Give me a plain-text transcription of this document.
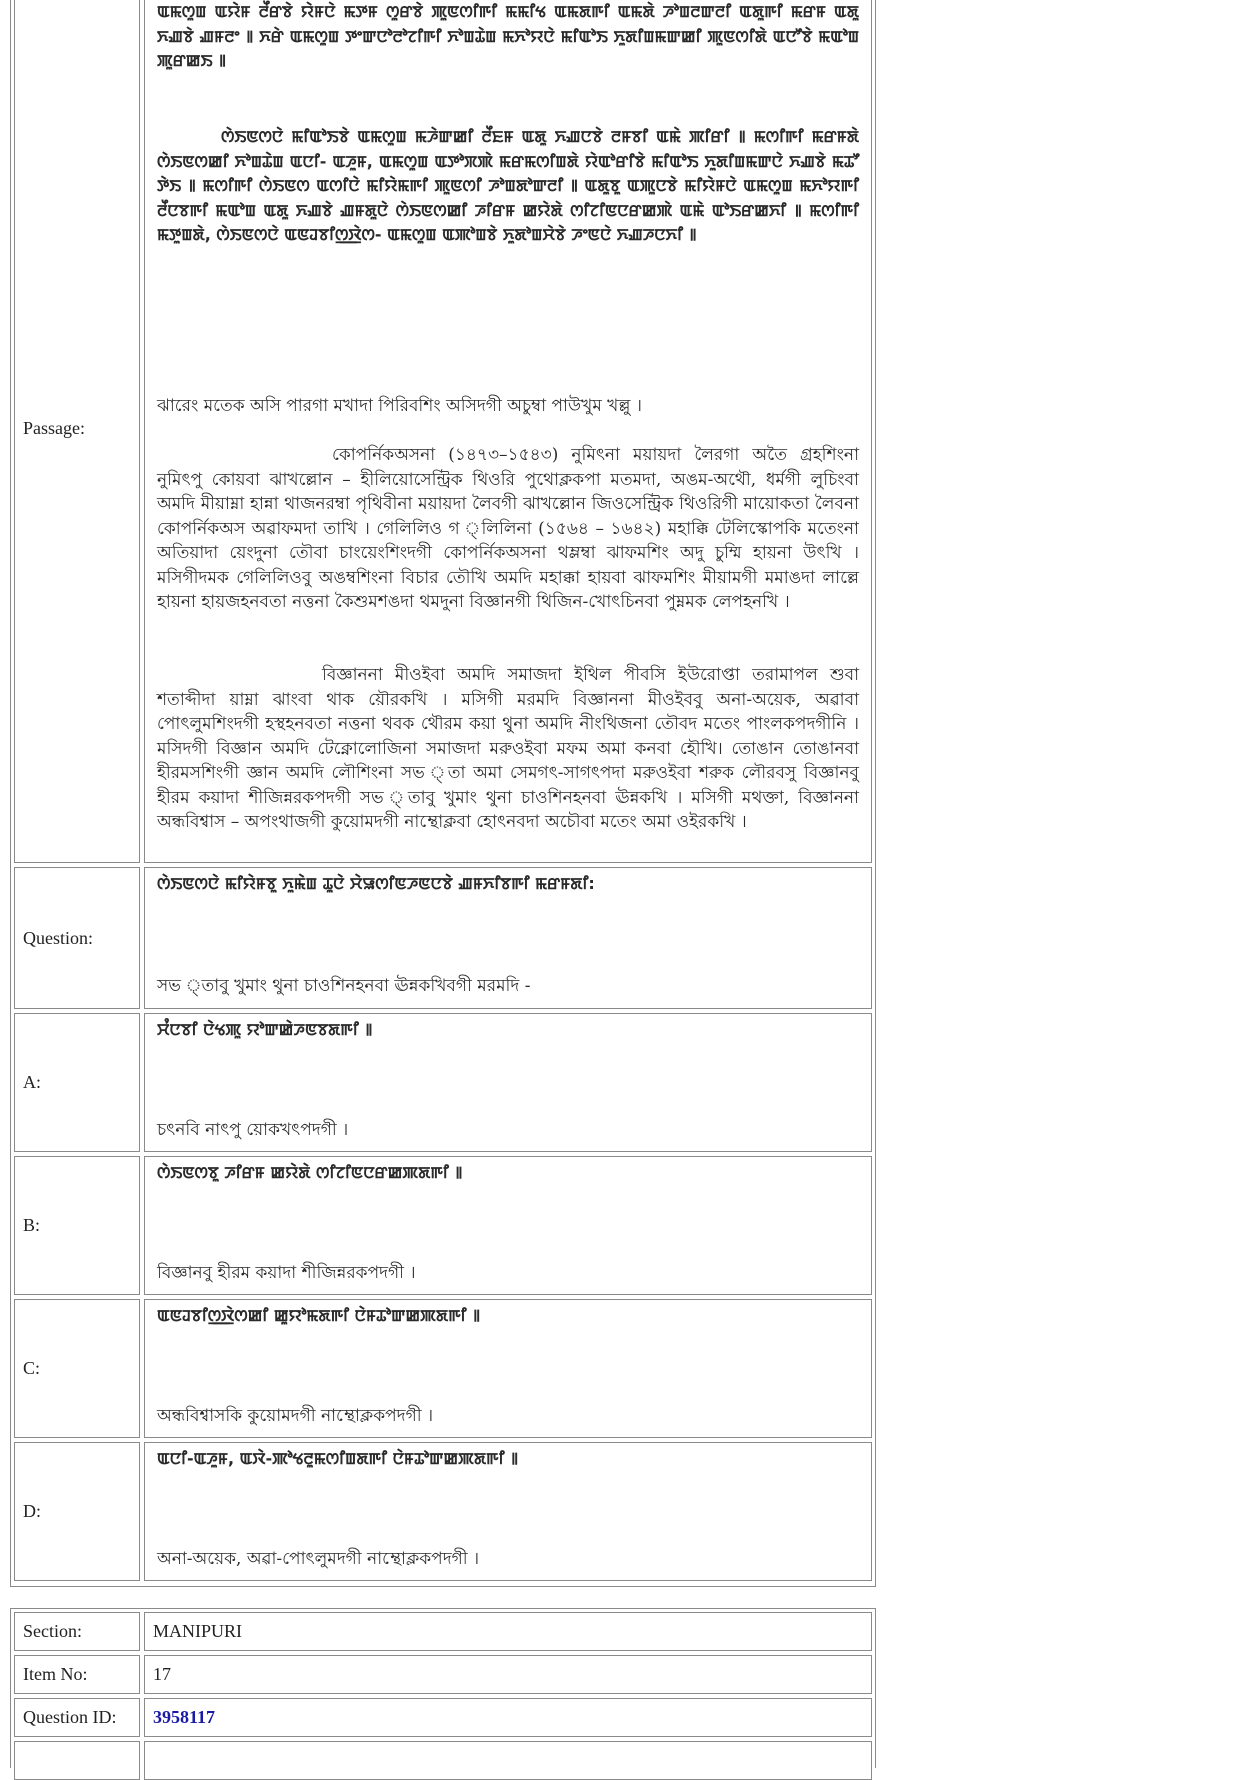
Passage:

ꯑꯃꯁꯨꯡ ꯑꯌꯥꯝ ꯂꯩꯔꯕꯥ ꯌꯥꯝꯅꯥ ꯃꯇꯝ ꯁꯨꯔꯕꯥ ꯄꯨꯟꯁꯤꯒꯤ ꯃꯃꯤꯠ ꯑꯃꯗꯒꯤ ꯑꯃꯗꯥ ꯍꯣꯡꯂꯛꯂꯤ ꯑꯗꯨꯒꯤ ꯃꯔꯝ ꯑꯗꯨ ꯈꯉꯕꯥ ꯉꯝꯂꯦ ꯫ ꯈꯔꯥ ꯑꯃꯁꯨꯡ ꯇꯦꯛꯅꯣꯂꯣꯖꯤꯒꯤ ꯈꯣꯡꯊꯥꯡ ꯃꯈꯣꯌꯅꯥ ꯃꯤꯑꯣꯏ ꯈꯨꯗꯤꯡꯃꯛꯀꯤ ꯄꯨꯟꯁꯤꯗꯥ ꯑꯅꯧꯕꯥ ꯃꯑꯣꯡ ꯄꯨꯔꯀꯏ ꯫

ꯁꯥꯏꯟꯁꯅꯥ ꯃꯤꯑꯣꯏꯕꯥ ꯑꯃꯁꯨꯡ ꯃꯍꯥꯛꯀꯤ ꯂꯩꯐꯝ ꯑꯗꯨ ꯈꯉꯅꯕꯥ ꯂꯝꯕꯤ ꯑꯃꯥ ꯄꯤꯔꯤ ꯫ ꯃꯁꯤꯒꯤ ꯃꯔꯝꯗꯥ ꯁꯥꯏꯟꯁꯀꯤ ꯈꯣꯡꯊꯥꯡ ꯑꯅꯤ- ꯑꯍꯨꯝ, ꯑꯃꯁꯨꯡ ꯑꯇꯣꯞꯄꯥ ꯃꯔꯃꯁꯤꯡꯗꯥ ꯌꯥꯑꯣꯔꯤꯕꯥ ꯃꯤꯑꯣꯏ ꯈꯨꯗꯤꯡꯃꯛꯅꯥ ꯈꯉꯕꯥ ꯃꯊꯧ ꯇꯥꯏ ꯫ ꯃꯁꯤꯒꯤ ꯁꯥꯏꯟꯁ ꯑꯁꯤꯅꯥ ꯃꯤꯌꯥꯃꯒꯤ ꯄꯨꯟꯁꯤ ꯍꯣꯡꯗꯣꯛꯂꯤ ꯫ ꯑꯗꯨꯕꯨ ꯑꯄꯨꯅꯕꯥ ꯃꯤꯌꯥꯝꯅꯥ ꯑꯃꯁꯨꯡ ꯃꯈꯣꯌꯒꯤ ꯂꯩꯅꯕꯒꯤ ꯃꯑꯣꯡ ꯑꯗꯨ ꯈꯉꯕꯥ ꯉꯝꯗꯨꯅꯥ ꯁꯥꯏꯟꯁꯀꯤ ꯍꯤꯔꯝ ꯀꯌꯥꯗꯥ ꯁꯤꯖꯤꯟꯅꯔꯀꯄꯥ ꯑꯃꯥ ꯑꯣꯏꯔꯀꯈꯤ ꯫ ꯃꯁꯤꯒꯤ ꯃꯇꯨꯡꯗꯥ, ꯁꯥꯏꯟꯁꯅꯥ ꯑꯟꯙꯕꯤꯁ꯭ꯋꯥꯁ- ꯑꯃꯁꯨꯡ ꯑꯄꯣꯡꯕꯥ ꯈꯨꯗꯣꯡꯆꯥꯕꯥ ꯍꯦꯟꯅꯥ ꯈꯉꯍꯅꯈꯤ ꯫

ঝারেং মতেক অসি পারগা মখাদা পিরিবশিং অসিদগী অচুম্বা পাউখুম খল্লু ।

কোপর্নিকঅসনা (১৪৭৩–১৫৪৩) নুমিৎনা ময়ায়দা লৈরগা অতৈ গ্রহশিংনা নুমিৎপু কোয়বা ঝাখল্লোন – হীলিয়োসেন্ট্রিক থিওরি পুথোক্লকপা মতমদা, অঙম-অথৌ, ধর্মগী লুচিংবা অমদি মীয়াম্না হান্না থাজনরম্বা পৃথিবীনা ময়ায়দা লৈবগী ঝাখল্লোন জিওসেন্ট্রিক থিওরিগী মায়োকতা লৈবনা কোপর্নিকঅস অৱাফমদা তাখি । গেলিলিও গ ্লিলিনা (১৫৬৪ – ১৬৪২) মহাক্কি টেলিস্কোপকি মতেংনা অতিয়াদা য়েংদুনা তৌবা চাংয়েংশিংদগী কোপর্নিকঅসনা থম্লম্বা ঝাফমশিং অদু চুম্মি হায়না উৎখি । মসিগীদমক গেলিলিওবু অঙম্বশিংনা বিচার তৌখি অমদি মহাক্কা হায়বা ঝাফমশিং মীয়ামগী মমাঙদা লাল্লে হায়না হায়জহনবতা নত্তনা কৈশুমশঙদা থমদুনা বিজ্ঞানগী থিজিন-খোৎচিনবা পুম্নমক লেপহনখি ।

বিজ্ঞাননা মীওইবা অমদি সমাজদা ইথিল পীবসি ইউরোপ্তা তরামাপল শুবা শতাব্দীদা য়াম্না ঝাংবা থাক য়ৌরকখি । মসিগী মরমদি বিজ্ঞাননা মীওইববু অনা-অয়েক, অৱাবা পোৎলুমশিংদগী হস্থহনবতা নত্তনা থবক থৌরম কয়া থুনা অমদি নীংথিজনা তৌবদ মতেং পাংলকপদগীনি । মসিদগী বিজ্ঞান অমদি টেক্নোলোজিনা সমাজদা মরুওইবা মফম অমা কনবা হৌখি। তোঙান তোঙানবা হীরমসশিংগী জ্ঞান অমদি লৌশিংনা সভ ্তা অমা সেমগৎ-সাগৎপদা মরুওইবা শরুক লৌরবসু বিজ্ঞানবু হীরম কয়াদা শীজিন্নরকপদগী সভ ্তাবু খুমাং থুনা চাওশিনহনবা ঊন্নকখি । মসিগী মথক্তা, বিজ্ঞাননা অন্ধবিশ্বাস – অপংথাজগী কুয়োমদগী নাম্থোক্লবা হোৎনবদা অচৌবা মতেং অমা ওইরকখি ।

Question:

ꯁꯥꯏꯟꯁꯅꯥ ꯃꯤꯌꯥꯝꯕꯨ ꯈꯨꯃꯥꯡ ꯊꯨꯅꯥ ꯆꯥꯎꯁꯤꯟꯍꯟꯅꯕꯥ ꯉꯝꯈꯤꯕꯒꯤ ꯃꯔꯝꯗꯤ:

সভ ্তাবু খুমাং থুনা চাওশিনহনবা ঊন্নকখিবগী মরমদি -

A:

ꯆꯪꯅꯕꯤ ꯅꯥꯠꯄꯨ ꯌꯣꯛꯀꯥꯍꯟꯕꯗꯒꯤ ꯫

চৎনবি নাৎপু য়োকখৎপদগী ।

B:

ꯁꯥꯏꯟꯁꯕꯨ ꯍꯤꯔꯝ ꯀꯌꯥꯗꯥ ꯁꯤꯖꯤꯟꯅꯔꯀꯄꯗꯒꯤ ꯫

বিজ্ঞানবু হীরম কয়াদা শীজিন্নরকপদগী ।

C:

ꯑꯟꯙꯕꯤꯁ꯭ꯋꯥꯁꯀꯤ ꯀꯨꯌꯣꯃꯗꯒꯤ ꯅꯥꯝꯊꯣꯛꯀꯄꯗꯒꯤ ꯫

অন্ধবিশ্বাসকি কুয়োমদগী নাম্থোক্লকপদগী ।

D:

ꯑꯅꯤ-ꯑꯍꯨꯝ, ꯑꯋꯥ-ꯄꯣꯠꯂꯨꯃꯁꯤꯡꯗꯒꯤ ꯅꯥꯝꯊꯣꯛꯀꯄꯗꯒꯤ ꯫

অনা-অয়েক, অৱা-পোৎলুমদগী নাম্থোক্লকপদগী ।

Section:	MANIPURI
Item No:	17
Question ID:	3958117
